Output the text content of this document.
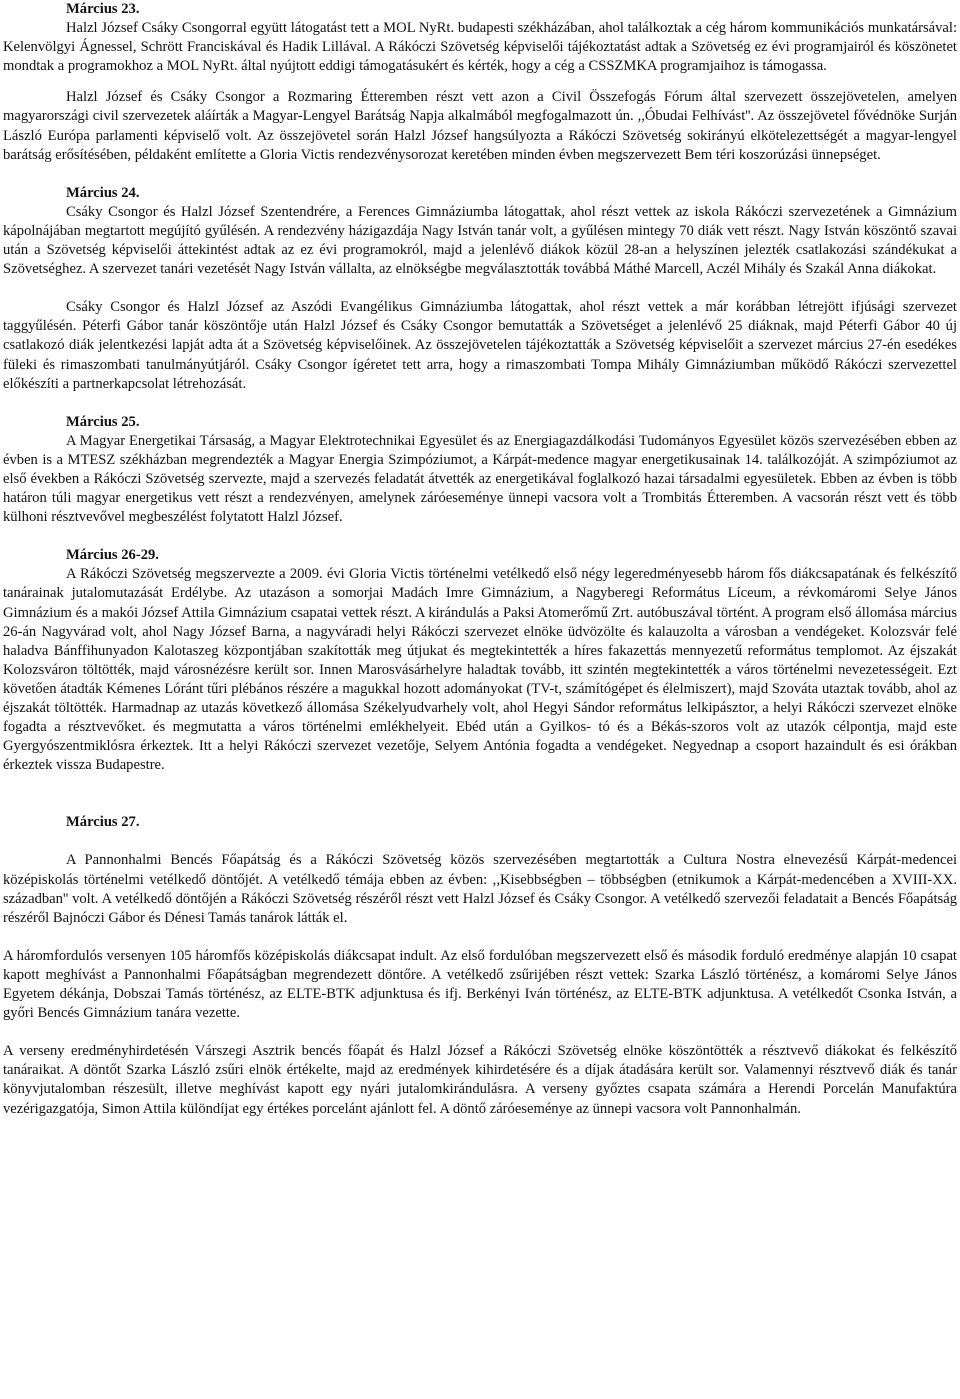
Március 23.

Halzl József Csáky Csongorral együtt látogatást tett a MOL NyRt. budapesti székházában, ahol találkoztak a cég három kommunikációs munkatársával: Kelenvölgyi Ágnessel, Schrött Franciskával és Hadik Lillával. A Rákóczi Szövetség képviselői tájékoztatást adtak a Szövetség ez évi programjairól és köszönetet mondtak a programokhoz a MOL NyRt. által nyújtott eddigi támogatásukért és kérték, hogy a cég a CSSZMKA programjaihoz is támogassa.

Halzl József és Csáky Csongor a Rozmaring Étteremben részt vett azon a Civil Összefogás Fórum által szervezett összejövetelen, amelyen magyarországi civil szervezetek aláírták a Magyar-Lengyel Barátság Napja alkalmából megfogalmazott ún. ,,Óbudai Felhívást''. Az összejövetel fővédnöke Surján László Európa parlamenti képviselő volt. Az összejövetel során Halzl József hangsúlyozta a Rákóczi Szövetség sokirányú elkötelezettségét a magyar-lengyel barátság erősítésében, példaként említette a Gloria Victis rendezvénysorozat keretében minden évben megszervezett Bem téri koszorúzási ünnepséget.

Március 24.

Csáky Csongor és Halzl József Szentendrére, a Ferences Gimnáziumba látogattak, ahol részt vettek az iskola Rákóczi szervezetének a Gimnázium kápolnájában megtartott megújító gyűlésén. A rendezvény házigazdája Nagy István tanár volt, a gyűlésen mintegy 70 diák vett részt. Nagy István köszöntő szavai után a Szövetség képviselői áttekintést adtak az ez évi programokról, majd a jelenlévő diákok közül 28-an a helyszínen jelezték csatlakozási szándékukat a Szövetséghez. A szervezet tanári vezetését Nagy István vállalta, az elnökségbe megválasztották továbbá Máthé Marcell, Aczél Mihály és Szakál Anna diákokat.

Csáky Csongor és Halzl József az Aszódi Evangélikus Gimnáziumba látogattak, ahol részt vettek a már korábban létrejött ifjúsági szervezet taggyűlésén. Péterfi Gábor tanár köszöntője után Halzl József és Csáky Csongor bemutatták a Szövetséget a jelenlévő 25 diáknak, majd Péterfi Gábor 40 új csatlakozó diák jelentkezési lapját adta át a Szövetség képviselőinek. Az összejövetelen tájékoztatták a Szövetség képviselőit a szervezet március 27-én esedékes füleki és rimaszombati tanulmányútjáról. Csáky Csongor ígéretet tett arra, hogy a rimaszombati Tompa Mihály Gimnáziumban működő Rákóczi szervezettel előkészíti a partnerkapcsolat létrehozását.

Március 25.

A Magyar Energetikai Társaság, a Magyar Elektrotechnikai Egyesület és az Energiagazdálkodási Tudományos Egyesület közös szervezésében ebben az évben is a MTESZ székházban megrendezték a Magyar Energia Szimpóziumot, a Kárpát-medence magyar energetikusainak 14. találkozóját. A szimpóziumot az első években a Rákóczi Szövetség szervezte, majd a szervezés feladatát átvették az energetikával foglalkozó hazai társadalmi egyesületek. Ebben az évben is több határon túli magyar energetikus vett részt a rendezvényen, amelynek záróeseménye ünnepi vacsora volt a Trombitás Étteremben. A vacsorán részt vett és több külhoni résztvevővel megbeszélést folytatott Halzl József.

Március 26-29.

A Rákóczi Szövetség megszervezte a 2009. évi Gloria Victis történelmi vetélkedő első négy legeredményesebb három fős diákcsapatának és felkészítő tanárainak jutalomutazását Erdélybe. Az utazáson a somorjai Madách Imre Gimnázium, a Nagyberegi Református Líceum, a révkomáromi Selye János Gimnázium és a makói József Attila Gimnázium csapatai vettek részt. A kirándulás a Paksi Atomerőmű Zrt. autóbuszával történt. A program első állomása március 26-án Nagyvárad volt, ahol Nagy József Barna, a nagyváradi helyi Rákóczi szervezet elnöke üdvözölte és kalauzolta a városban a vendégeket. Kolozsvár felé haladva Bánffihunyadon Kalotaszeg központjában szakították meg útjukat és megtekintették a híres fakazettás mennyezetű református templomot. Az éjszakát Kolozsváron töltötték, majd városnézésre került sor. Innen Marosvásárhelyre haladtak tovább, itt szintén megtekintették a város történelmi nevezetességeit. Ezt követően átadták Kémenes Lóránt tűri plébános részére a magukkal hozott adományokat (TV-t, számítógépet és élelmiszert), majd Szováta utaztak tovább, ahol az éjszakát töltötték. Harmadnap az utazás következő állomása Székelyudvarhely volt, ahol Hegyi Sándor református lelkipásztor, a helyi Rákóczi szervezet elnöke fogadta a résztvevőket. és megmutatta a város történelmi emlékhelyeit. Ebéd után a Gyilkos- tó és a Békás-szoros volt az utazók célpontja, majd este Gyergyószentmiklósra érkeztek. Itt a helyi Rákóczi szervezet vezetője, Selyem Antónia fogadta a vendégeket. Negyednap a csoport hazaindult és esi órákban érkeztek vissza Budapestre.

Március 27.

A Pannonhalmi Bencés Főapátság és a Rákóczi Szövetség közös szervezésében megtartották a Cultura Nostra elnevezésű Kárpát-medencei középiskolás történelmi vetélkedő döntőjét. A vetélkedő témája ebben az évben: ,,Kisebbségben – többségben (etnikumok a Kárpát-medencében a XVIII-XX. században'' volt. A vetélkedő döntőjén a Rákóczi Szövetség részéről részt vett Halzl József és Csáky Csongor. A vetélkedő szervezői feladatait a Bencés Főapátság részéről Bajnóczi Gábor és Dénesi Tamás tanárok látták el.

A háromfordulós versenyen 105 háromfős középiskolás diákcsapat indult. Az első fordulóban megszervezett első és második forduló eredménye alapján 10 csapat kapott meghívást a Pannonhalmi Főapátságban megrendezett döntőre. A vetélkedő zsűrijében részt vettek: Szarka László történész, a komáromi Selye János Egyetem dékánja, Dobszai Tamás történész, az ELTE-BTK adjunktusa és ifj. Berkényi Iván történész, az ELTE-BTK adjunktusa. A vetélkedőt Csonka István, a győri Bencés Gimnázium tanára vezette.

A verseny eredményhirdetésén Várszegi Asztrik bencés főapát és Halzl József a Rákóczi Szövetség elnöke köszöntötték a résztvevő diákokat és felkészítő tanáraikat. A döntőt Szarka László zsűri elnök értékelte, majd az eredmények kihirdetésére és a díjak átadására került sor. Valamennyi résztvevő diák és tanár könyvjutalomban részesült, illetve meghívást kapott egy nyári jutalomkirándulásra. A verseny győztes csapata számára a Herendi Porcelán Manufaktúra vezérigazgatója, Simon Attila különdíjat egy értékes porcelánt ajánlott fel. A döntő záróeseménye az ünnepi vacsora volt Pannonhalmán.
